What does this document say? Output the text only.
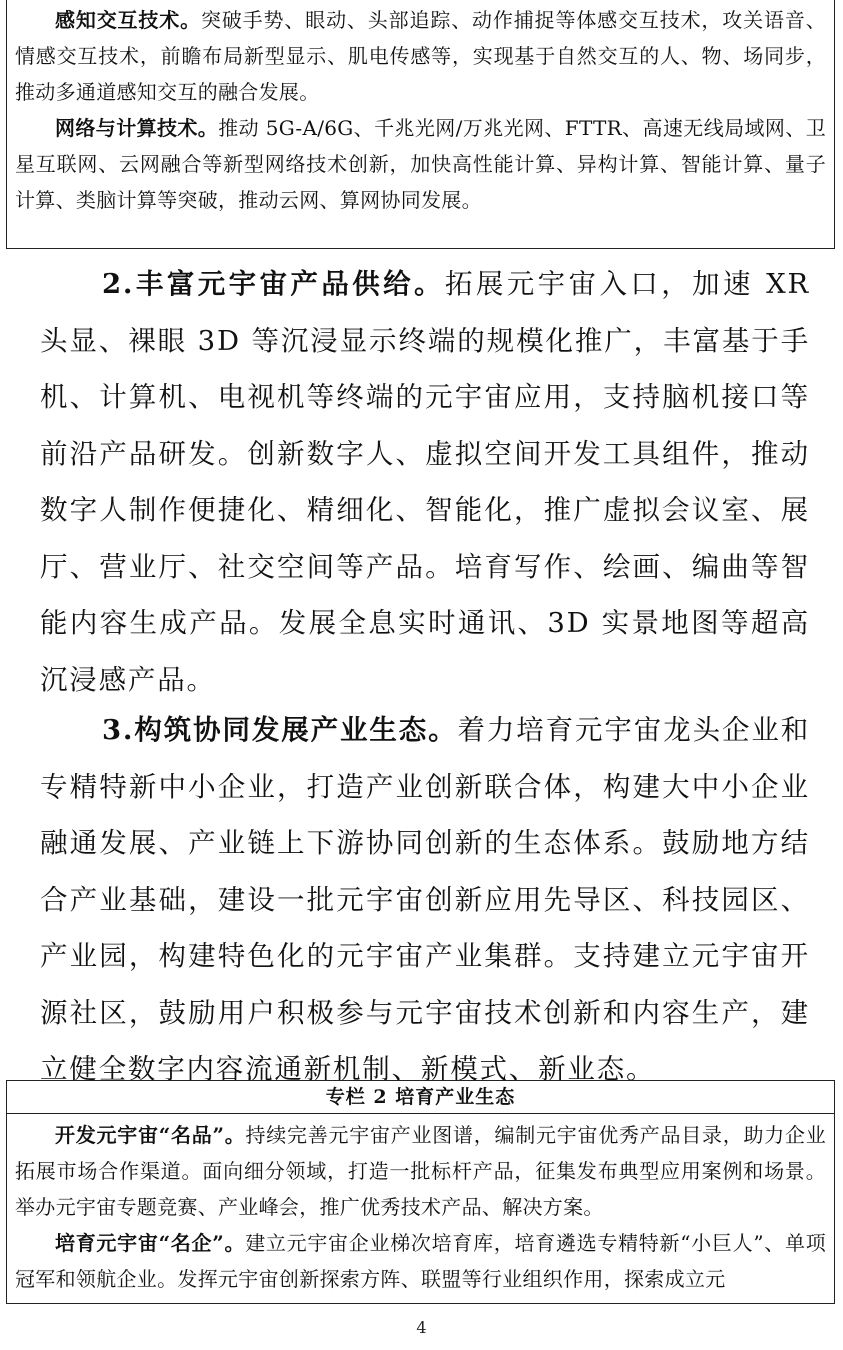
感知交互技术。突破手势、眼动、头部追踪、动作捕捉等体感交互技术，攻关语音、情感交互技术，前瞻布局新型显示、肌电传感等，实现基于自然交互的人、物、场同步，推动多通道感知交互的融合发展。

网络与计算技术。推动 5G-A/6G、千兆光网/万兆光网、FTTR、高速无线局域网、卫星互联网、云网融合等新型网络技术创新，加快高性能计算、异构计算、智能计算、量子计算、类脑计算等突破，推动云网、算网协同发展。

2.丰富元宇宙产品供给。拓展元宇宙入口，加速 XR 头显、裸眼 3D 等沉浸显示终端的规模化推广，丰富基于手机、计算机、电视机等终端的元宇宙应用，支持脑机接口等前沿产品研发。创新数字人、虚拟空间开发工具组件，推动数字人制作便捷化、精细化、智能化，推广虚拟会议室、展厅、营业厅、社交空间等产品。培育写作、绘画、编曲等智能内容生成产品。发展全息实时通讯、3D 实景地图等超高沉浸感产品。

3.构筑协同发展产业生态。着力培育元宇宙龙头企业和专精特新中小企业，打造产业创新联合体，构建大中小企业融通发展、产业链上下游协同创新的生态体系。鼓励地方结合产业基础，建设一批元宇宙创新应用先导区、科技园区、产业园，构建特色化的元宇宙产业集群。支持建立元宇宙开源社区，鼓励用户积极参与元宇宙技术创新和内容生产，建立健全数字内容流通新机制、新模式、新业态。

专栏 2 培育产业生态

开发元宇宙“名品”。持续完善元宇宙产业图谱，编制元宇宙优秀产品目录，助力企业拓展市场合作渠道。面向细分领域，打造一批标杆产品，征集发布典型应用案例和场景。举办元宇宙专题竞赛、产业峰会，推广优秀技术产品、解决方案。

培育元宇宙“名企”。建立元宇宙企业梯次培育库，培育遴选专精特新“小巨人”、单项冠军和领航企业。发挥元宇宙创新探索方阵、联盟等行业组织作用，探索成立元

4
